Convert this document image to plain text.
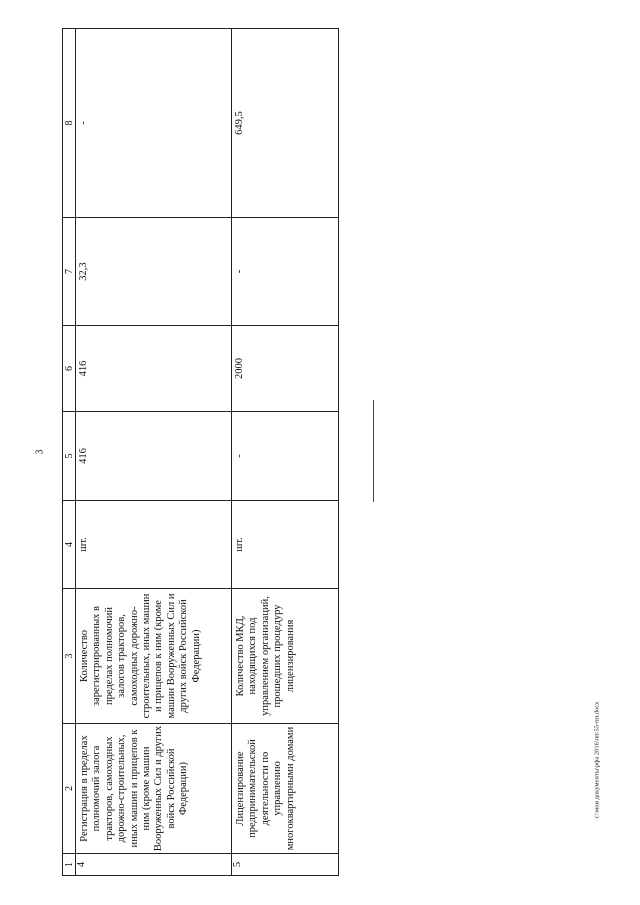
3
1	2	3	4	5	6	7	8
4	Регистрация в пределах полномочий залога тракторов, самоходных дорожно-строительных, иных машин и прицепов к ним (кроме машин Вооруженных Сил и других войск Российской Федерации)	Количество зарегистрированных в пределах полномочий залогов тракторов, самоходных дорожно-строительных, иных машин и прицепов к ним (кроме машин Вооруженных Сил и других войск Российской Федерации)	шт.	416	416	32,3	-
5	Лицензирование предпринимательской деятельности по управлению многоквартирными домами	Количество МКД, находящихся под управлением организаций, прошедших процедуру лицензирования	шт.	-	2000	-	649,5
c:\мои документы\рфа 2016\пп\55-пп.docx
